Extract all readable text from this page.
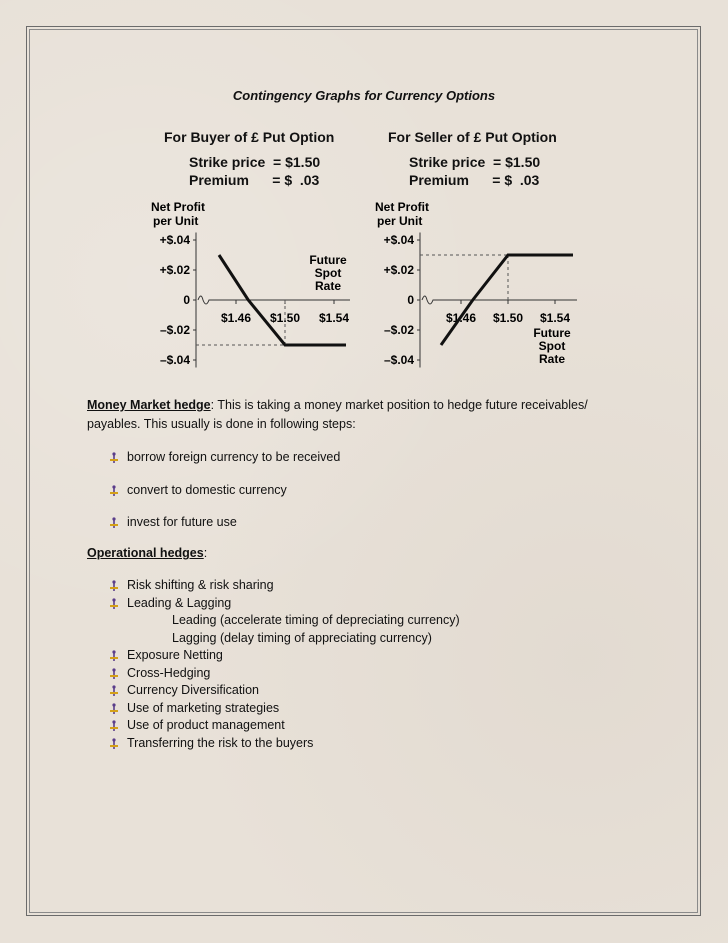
Contingency Graphs for Currency Options
For Buyer of £ Put Option
Strike price  = $1.50
Premium      = $  .03
For Seller of £ Put Option
Strike price  = $1.50
Premium      = $  .03
Net Profit
per Unit
+$.04
+$.02
0
–$.02
–$.04
$1.46 $1.50 $1.54
Future
Spot
Rate
Net Profit
per Unit
+$.04
+$.02
0
–$.02
–$.04
$1.46 $1.50 $1.54
Future
Spot
Rate
Money Market hedge: This is taking a money market position to hedge future receivables/
payables. This usually is done in following steps:
borrow foreign currency to be received
convert to domestic currency
invest for future use
Operational hedges:
Risk shifting & risk sharing
Leading & Lagging
Leading (accelerate timing of depreciating currency)
Lagging (delay timing of appreciating currency)
Exposure Netting
Cross-Hedging
Currency Diversification
Use of marketing strategies
Use of product management
Transferring the risk to the buyers
